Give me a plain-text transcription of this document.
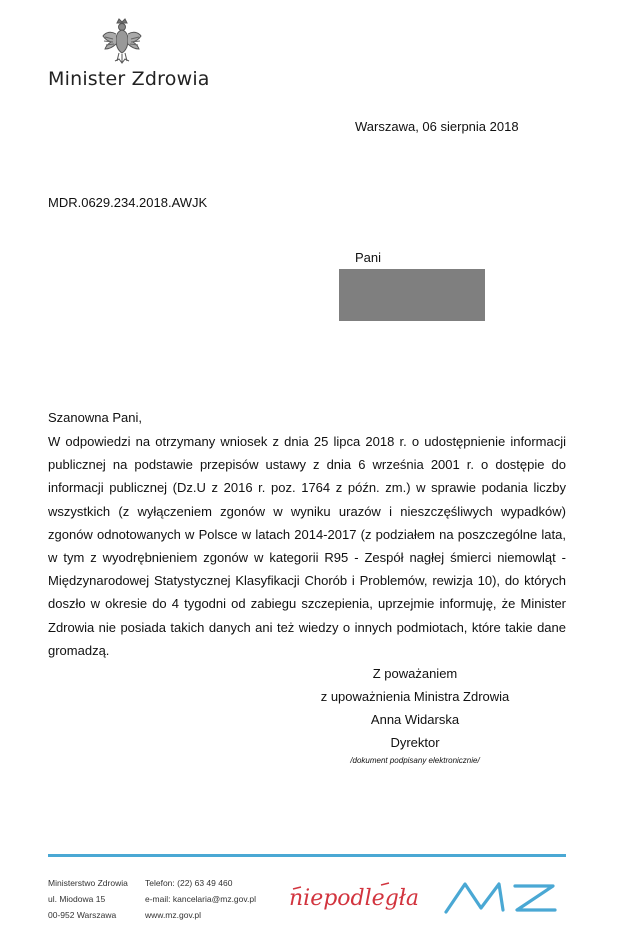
Minister Zdrowia
Warszawa, 06 sierpnia 2018
MDR.0629.234.2018.AWJK
Pani
Szanowna Pani,
W odpowiedzi na otrzymany wniosek z dnia 25 lipca 2018 r. o udostępnienie informacji publicznej na podstawie przepisów ustawy z dnia 6 września 2001 r. o dostępie do informacji publicznej (Dz.U z 2016 r. poz. 1764 z późn. zm.) w sprawie podania liczby wszystkich (z wyłączeniem zgonów w wyniku urazów i nieszczęśliwych wypadków) zgonów odnotowanych w Polsce w latach 2014-2017 (z podziałem na poszczególne lata, w tym z wyodrębnieniem zgonów w kategorii R95 - Zespół nagłej śmierci niemowląt - Międzynarodowej Statystycznej Klasyfikacji Chorób i Problemów, rewizja 10), do których doszło w okresie do 4 tygodni od zabiegu szczepienia, uprzejmie informuję, że Minister Zdrowia nie posiada takich danych ani też wiedzy o innych podmiotach, które takie dane gromadzą.
Z poważaniem
z upoważnienia Ministra Zdrowia
Anna Widarska
Dyrektor
/dokument podpisany elektronicznie/
Ministerstwo Zdrowia
ul. Miodowa 15
00-952 Warszawa
Telefon: (22) 63 49 460
e-mail: kancelaria@mz.gov.pl
www.mz.gov.pl
niepodległa
